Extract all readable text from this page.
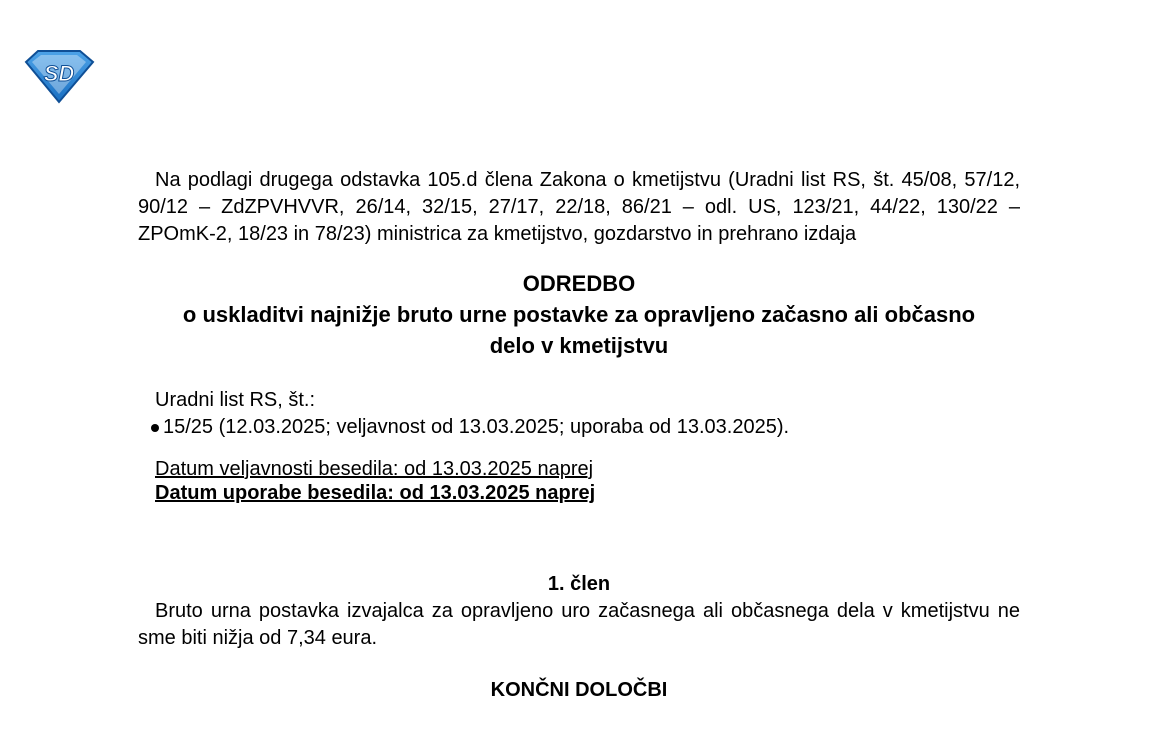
SD

Na podlagi drugega odstavka 105.d člena Zakona o kmetijstvu (Uradni list RS, št. 45/08, 57/12, 90/12 – ZdZPVHVVR, 26/14, 32/15, 27/17, 22/18, 86/21 – odl. US, 123/21, 44/22, 130/22 – ZPOmK-2, 18/23 in 78/23) ministrica za kmetijstvo, gozdarstvo in prehrano izdaja

ODREDBO
o uskladitvi najnižje bruto urne postavke za opravljeno začasno ali občasno delo v kmetijstvu
Uradni list RS, št.:
15/25 (12.03.2025; veljavnost od 13.03.2025; uporaba od 13.03.2025).
Datum veljavnosti besedila: od 13.03.2025 naprej
Datum uporabe besedila: od 13.03.2025 naprej
1. člen

Bruto urna postavka izvajalca za opravljeno uro začasnega ali občasnega dela v kmetijstvu ne sme biti nižja od 7,34 eura.

KONČNI DOLOČBI
